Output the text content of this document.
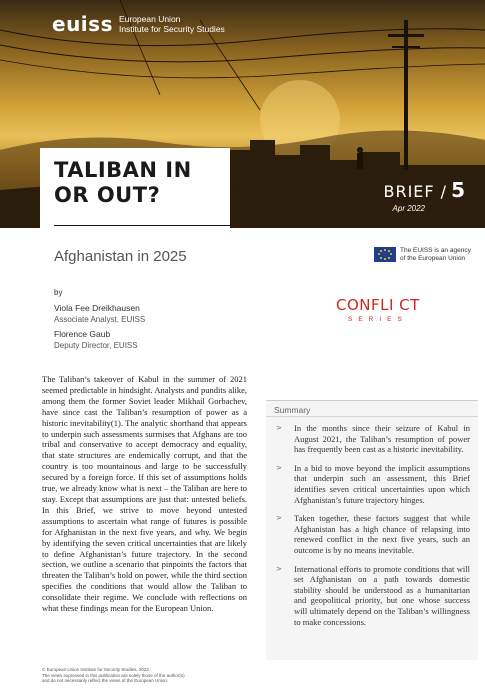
euiss European Union
Institute for Security Studies
TALIBAN IN
OR OUT?	BRIEF / 5
Apr 2022
Afghanistan in 2025	The EUISS is an agency
of the European Union
by
Viola Fee Dreikhausen
Associate Analyst, EUISS
Florence Gaub
Deputy Director, EUISS
CONFLI CT
SERIES
The Taliban’s takeover of Kabul in the summer of 2021 seemed predictable in hindsight. Analysts and pundits alike, among them the former Soviet leader Mikhail Gorbachev, have since cast the Taliban’s resumption of power as a historic inevitability(1). The analytic shorthand that appears to underpin such assessments surmises that Afghans are too tribal and conservative to accept democracy and equality, that state structures are endemically corrupt, and that the country is too mountainous and large to be successfully secured by a foreign force. If this set of assumptions holds true, we already know what is next – the Taliban are here to stay. Except that assumptions are just that: untested beliefs. In this Brief, we strive to move beyond untested assumptions to ascertain what range of futures is possible for Afghanistan in the next five years, and why. We begin by identifying the seven critical uncertainties that are likely to define Afghanistan’s future trajectory. In the second section, we outline a scenario that pinpoints the factors that threaten the Taliban’s hold on power, while the third section specifies the conditions that would allow the Taliban to consolidate their regime. We conclude with reflections on what these findings mean for the European Union.
Summary
> In the months since their seizure of Kabul in August 2021, the Taliban’s resumption of power has frequently been cast as a historic inevitability.
> In a bid to move beyond the implicit assumptions that underpin such an assessment, this Brief identifies seven critical uncertainties upon which Afghanistan’s future trajectory hinges.
> Taken together, these factors suggest that while Afghanistan has a high chance of relapsing into renewed conflict in the next five years, such an outcome is by no means inevitable.
> International efforts to promote conditions that will set Afghanistan on a path towards domestic stability should be understood as a humanitarian and geopolitical priority, but one whose success will ultimately depend on the Taliban’s willingness to make concessions.
© European Union Institute for Security Studies, 2022.
The views expressed in this publication are solely those of the author(s)
and do not necessarily reflect the views of the European Union.
